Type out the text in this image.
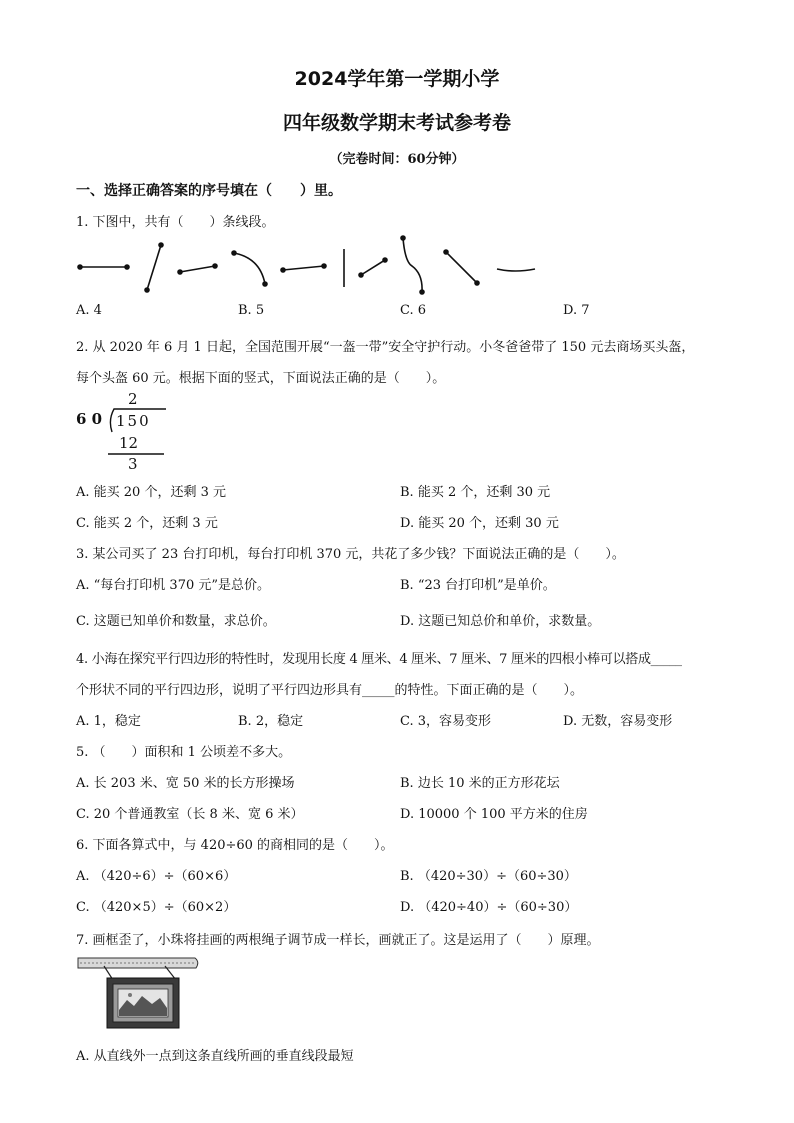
2024学年第一学期小学
四年级数学期末考试参考卷
（完卷时间：60分钟）
一、选择正确答案的序号填在（　　）里。
1. 下图中，共有（　　）条线段。
A. 4	B. 5	C. 6	D. 7
2. 从 2020 年 6 月 1 日起，全国范围开展“一盔一带”安全守护行动。小冬爸爸带了 150 元去商场买头盔，
每个头盔 60 元。根据下面的竖式，下面说法正确的是（　　）。
6 0
2
150
12
3
A. 能买 20 个，还剩 3 元	B. 能买 2 个，还剩 30 元
C. 能买 2 个，还剩 3 元	D. 能买 20 个，还剩 30 元
3. 某公司买了 23 台打印机，每台打印机 370 元，共花了多少钱？下面说法正确的是（　　）。
A. “每台打印机 370 元”是总价。	B. “23 台打印机”是单价。
C. 这题已知单价和数量，求总价。	D. 这题已知总价和单价，求数量。
4. 小海在探究平行四边形的特性时，发现用长度 4 厘米、4 厘米、7 厘米、7 厘米的四根小棒可以搭成_____
个形状不同的平行四边形，说明了平行四边形具有_____的特性。下面正确的是（　　）。
A. 1，稳定	B. 2，稳定	C. 3，容易变形	D. 无数，容易变形
5. （　　）面积和 1 公顷差不多大。
A. 长 203 米、宽 50 米的长方形操场	B. 边长 10 米的正方形花坛
C. 20 个普通教室（长 8 米、宽 6 米）	D. 10000 个 100 平方米的住房
6. 下面各算式中，与 420÷60 的商相同的是（　　）。
A. （420÷6）÷（60×6）	B. （420÷30）÷（60÷30）
C. （420×5）÷（60×2）	D. （420÷40）÷（60÷30）
7. 画框歪了，小珠将挂画的两根绳子调节成一样长，画就正了。这是运用了（　　）原理。
A. 从直线外一点到这条直线所画的垂直线段最短
